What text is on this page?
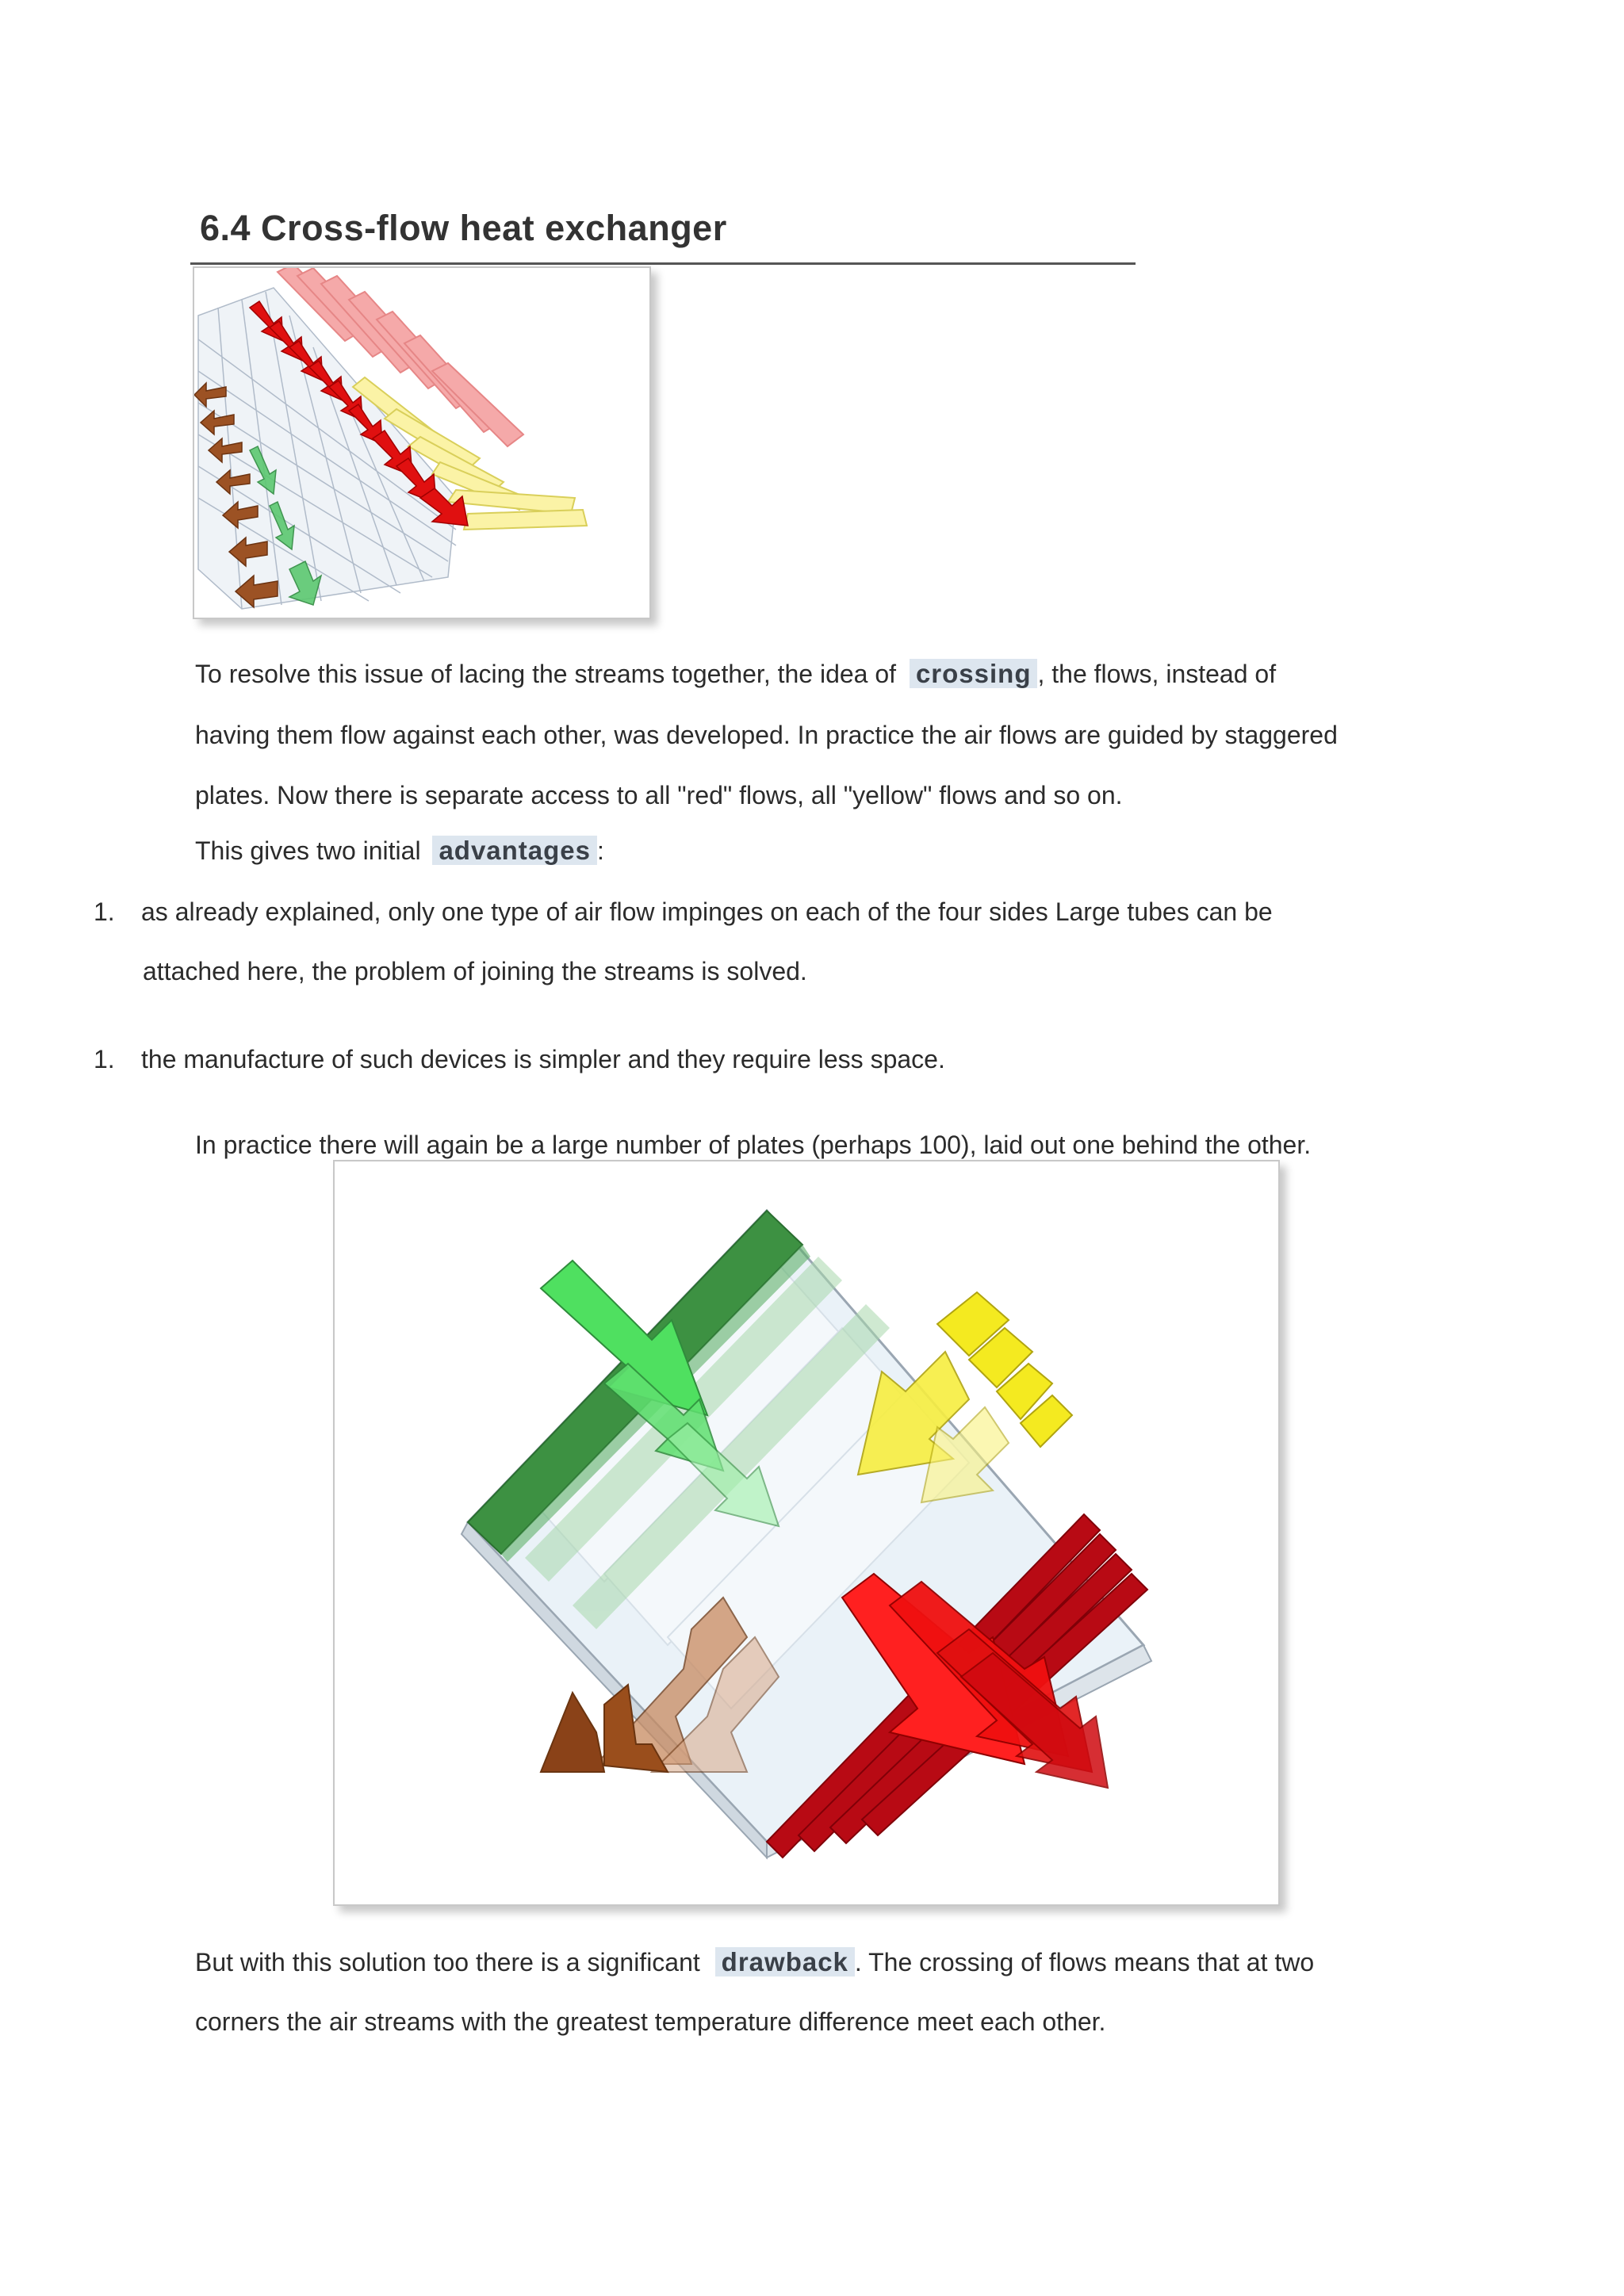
6.4 Cross-flow heat exchanger
To resolve this issue of lacing the streams together, the idea of crossing , the flows, instead of
having them flow against each other, was developed. In practice the air flows are guided by staggered
plates. Now there is separate access to all "red" flows, all "yellow" flows and so on.
This gives two initial advantages :
1. as already explained, only one type of air flow impinges on each of the four sides Large tubes can be
attached here, the problem of joining the streams is solved.
1. the manufacture of such devices is simpler and they require less space.
In practice there will again be a large number of plates (perhaps 100), laid out one behind the other.
But with this solution too there is a significant drawback . The crossing of flows means that at two
corners the air streams with the greatest temperature difference meet each other.
